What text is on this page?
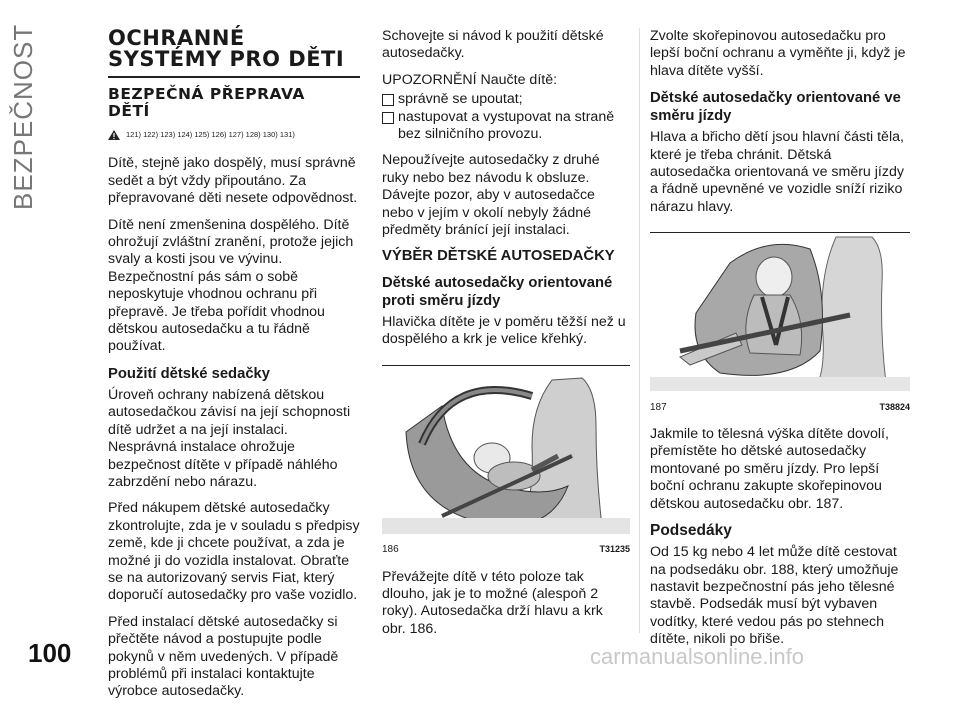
BEZPEČNOST	OCHRANNÉ
SYSTÉMY PRO DĚTI
BEZPEČNÁ PŘEPRAVA
DĚTÍ
121) 122) 123) 124) 125) 126) 127) 128) 130) 131)

Dítě, stejně jako dospělý, musí správně sedět a být vždy připoutáno. Za přepravované děti nesete odpovědnost.

Dítě není zmenšenina dospělého. Dítě ohrožují zvláštní zranění, protože jejich svaly a kosti jsou ve vývinu. Bezpečnostní pás sám o sobě neposkytuje vhodnou ochranu při přepravě. Je třeba pořídit vhodnou dětskou autosedačku a tu řádně používat.

Použití dětské sedačky

Úroveň ochrany nabízená dětskou autosedačkou závisí na její schopnosti dítě udržet a na její instalaci. Nesprávná instalace ohrožuje bezpečnost dítěte v případě náhlého zabrzdění nebo nárazu.

Před nákupem dětské autosedačky zkontrolujte, zda je v souladu s předpisy země, kde ji chcete používat, a zda je možné ji do vozidla instalovat. Obraťte se na autorizovaný servis Fiat, který doporučí autosedačky pro vaše vozidlo.

Před instalací dětské autosedačky si přečtěte návod a postupujte podle pokynů v něm uvedených. V případě problémů při instalaci kontaktujte výrobce autosedačky.

Schovejte si návod k použití dětské autosedačky.

UPOZORNĚNÍ Naučte dítě:

správně se upoutat;
nastupovat a vystupovat na straně bez silničního provozu.

Nepoužívejte autosedačky z druhé ruky nebo bez návodu k obsluze. Dávejte pozor, aby v autosedačce nebo v jejím v okolí nebyly žádné předměty bránící její instalaci.

VÝBĚR DĚTSKÉ AUTOSEDAČKY
Dětské autosedačky orientované proti směru jízdy

Hlavička dítěte je v poměru těžší než u dospělého a krk je velice křehký.

186	T31235

Převážejte dítě v této poloze tak dlouho, jak je to možné (alespoň 2 roky). Autosedačka drží hlavu a krk obr. 186.

Zvolte skořepinovou autosedačku pro lepší boční ochranu a vyměňte ji, když je hlava dítěte vyšší.

Dětské autosedačky orientované ve směru jízdy

Hlava a břicho dětí jsou hlavní části těla, které je třeba chránit. Dětská autosedačka orientovaná ve směru jízdy a řádně upevněné ve vozidle sníží riziko nárazu hlavy.

187	T38824

Jakmile to tělesná výška dítěte dovolí, přemístěte ho dětské autosedačky montované po směru jízdy. Pro lepší boční ochranu zakupte skořepinovou dětskou autosedačku obr. 187.

Podsedáky

Od 15 kg nebo 4 let může dítě cestovat na podsedáku obr. 188, který umožňuje nastavit bezpečnostní pás jeho tělesné stavbě. Podsedák musí být vybaven vodítky, které vedou pás po stehnech dítěte, nikoli po břiše.

100	carmanualsonline.info
